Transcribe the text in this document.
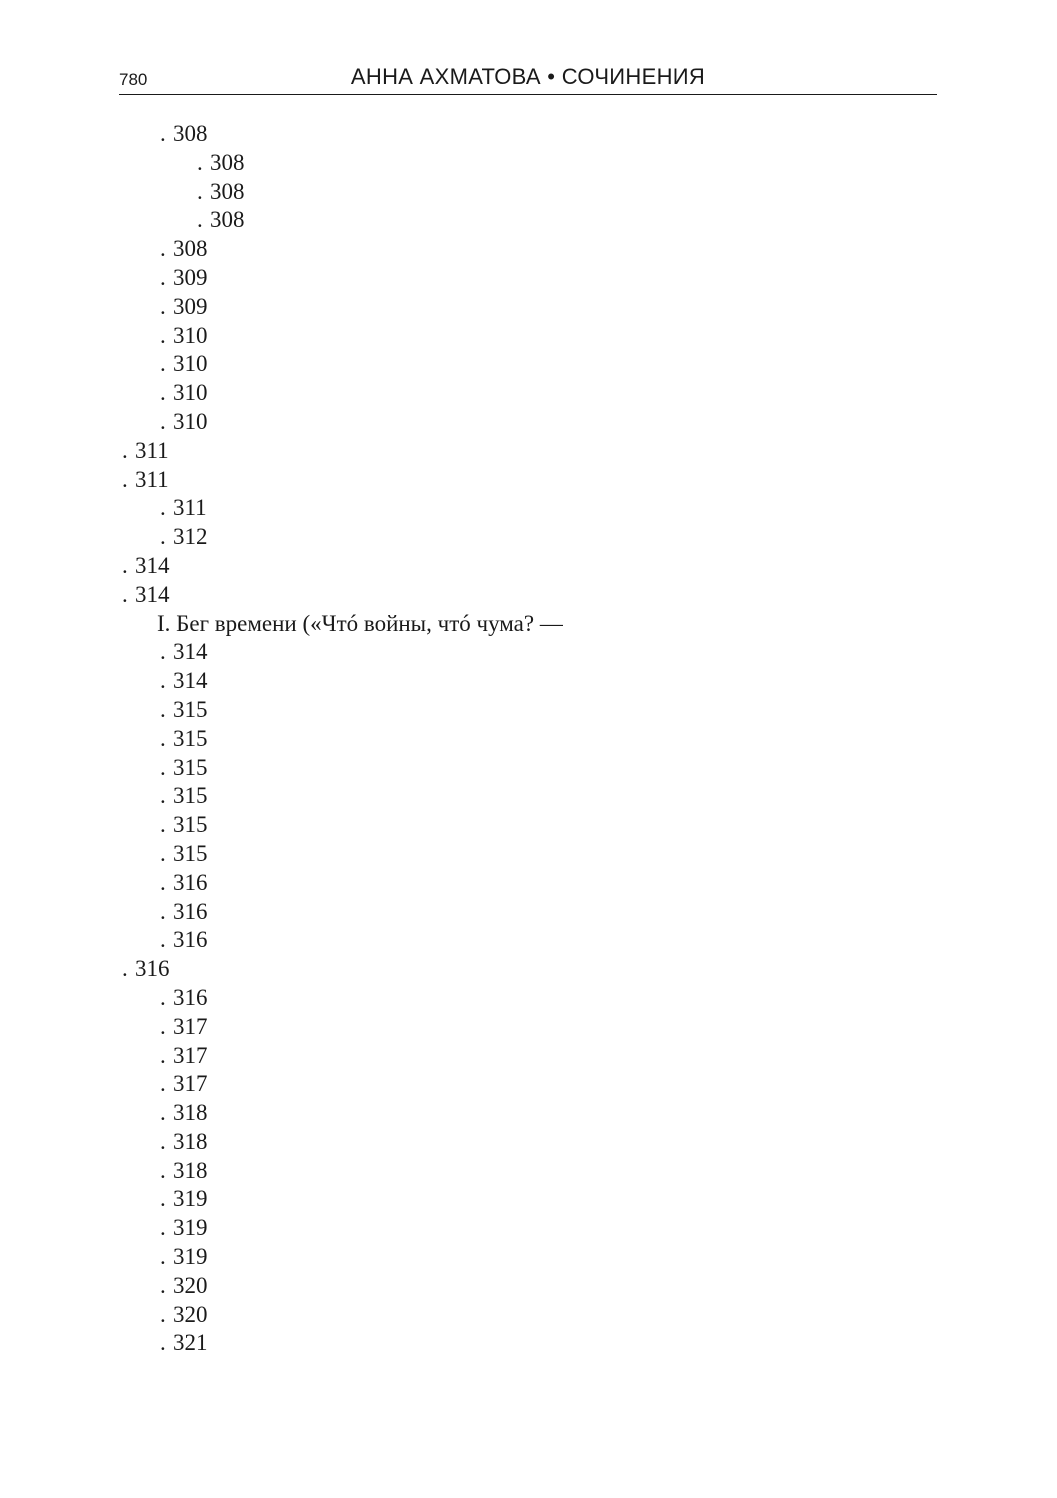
780	АННА АХМАТОВА • СОЧИНЕНИЯ
.....
308
.....
308
.....
308
.....
308
.....
308
.....
309
.....
309
.....
310
.....
310
.....
310
.....
310
.....
311
.....
311
.....
311
.....
312
.....
314
.....
314
I. Бег времени («Чтó войны, чтó чума? —
.....
314
.....
314
.....
315
.....
315
.....
315
.....
315
.....
315
.....
315
.....
316
.....
316
.....
316
.....
316
.....
316
.....
317
.....
317
.....
317
.....
318
.....
318
.....
318
.....
319
.....
319
.....
319
.....
320
.....
320
.....
321
